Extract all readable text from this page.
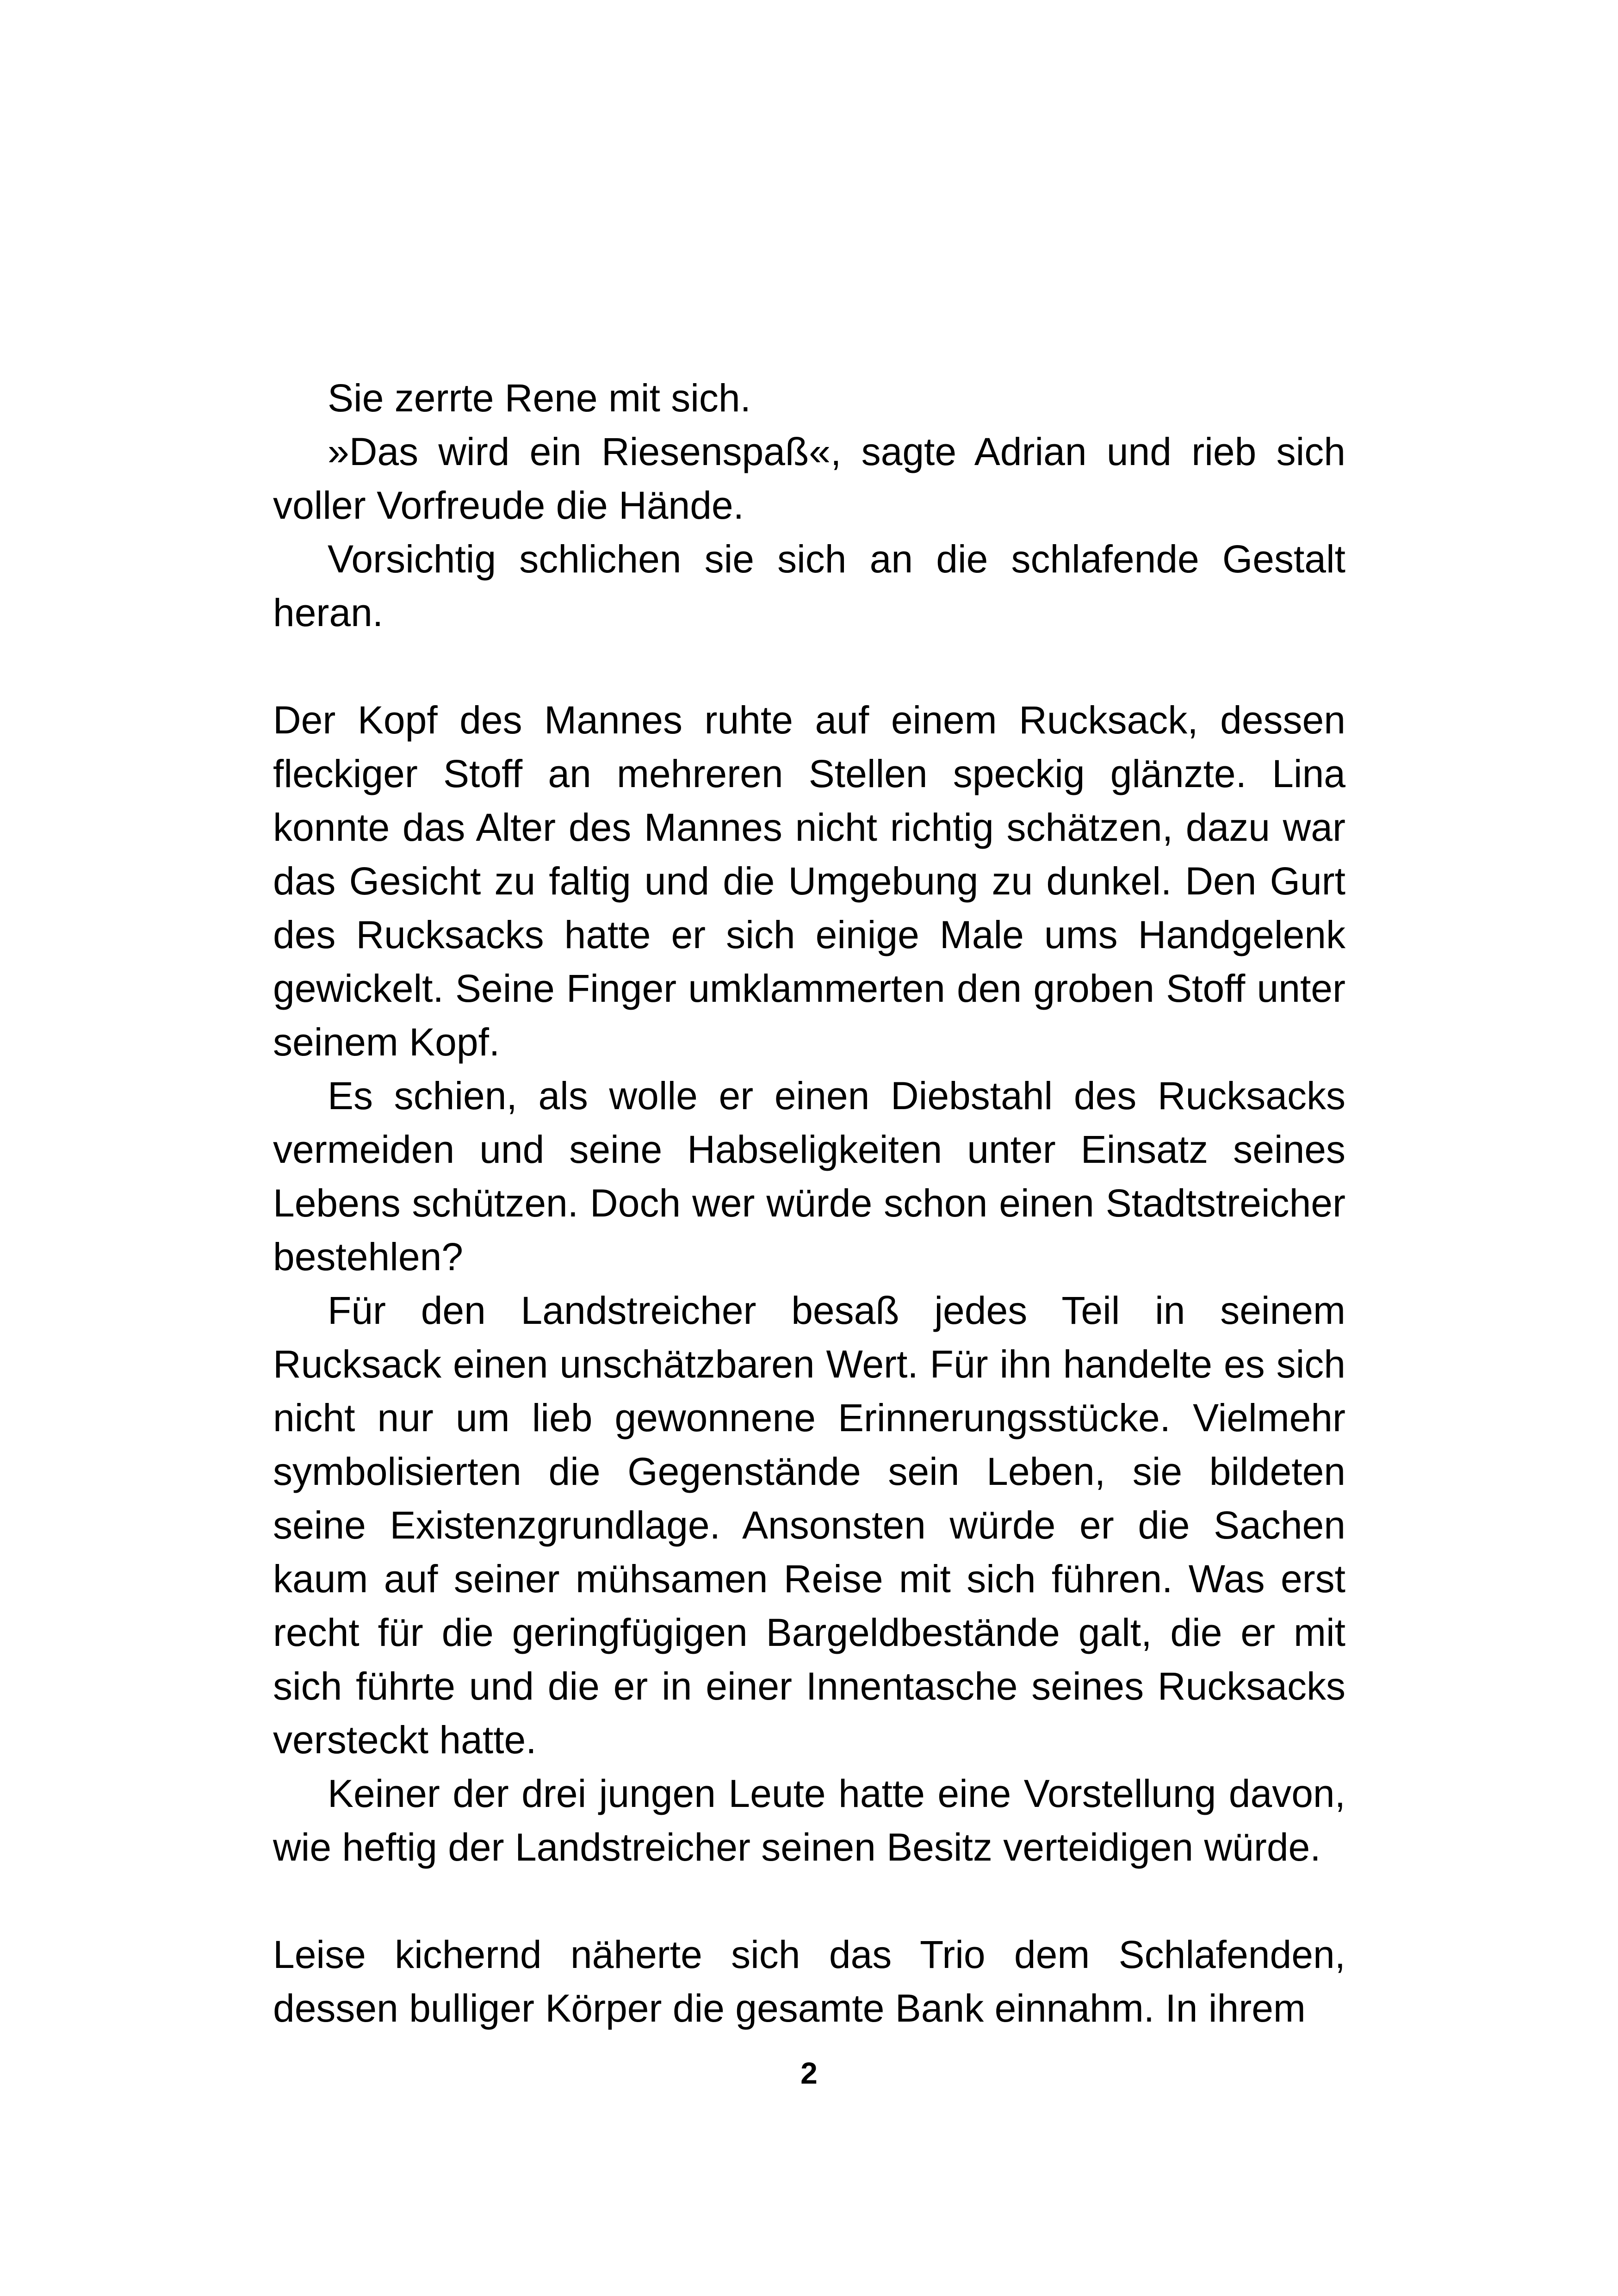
Sie zerrte Rene mit sich.

»Das wird ein Riesenspaß«, sagte Adrian und rieb sich voller Vorfreude die Hände.

Vorsichtig schlichen sie sich an die schlafende Gestalt heran.

Der Kopf des Mannes ruhte auf einem Rucksack, dessen fleckiger Stoff an mehreren Stellen speckig glänzte. Lina konnte das Alter des Mannes nicht richtig schätzen, dazu war das Gesicht zu faltig und die Umgebung zu dunkel. Den Gurt des Rucksacks hatte er sich einige Male ums Handgelenk gewickelt. Seine Finger umklammerten den groben Stoff unter seinem Kopf.

Es schien, als wolle er einen Diebstahl des Rucksacks vermeiden und seine Habseligkeiten unter Einsatz seines Lebens schützen. Doch wer würde schon einen Stadtstreicher bestehlen?

Für den Landstreicher besaß jedes Teil in seinem Rucksack einen unschätzbaren Wert. Für ihn handelte es sich nicht nur um lieb gewonnene Erinnerungsstücke. Vielmehr symbolisierten die Gegenstände sein Leben, sie bildeten seine Existenzgrundlage. Ansonsten würde er die Sachen kaum auf seiner mühsamen Reise mit sich führen. Was erst recht für die geringfügigen Bargeldbestände galt, die er mit sich führte und die er in einer Innentasche seines Rucksacks versteckt hatte.

Keiner der drei jungen Leute hatte eine Vorstellung davon, wie heftig der Landstreicher seinen Besitz verteidigen würde.

Leise kichernd näherte sich das Trio dem Schlafenden, dessen bulliger Körper die gesamte Bank einnahm. In ihrem

2
